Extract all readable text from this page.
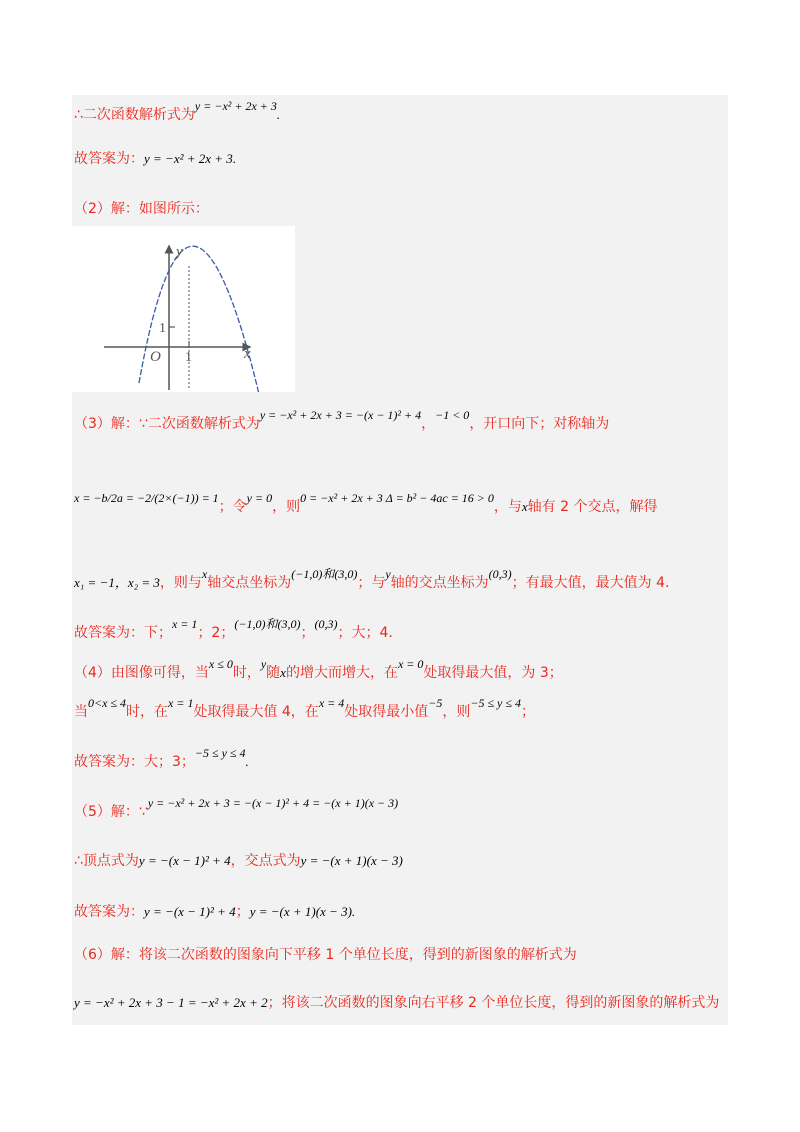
∴二次函数解析式为y = −x² + 2x + 3.
故答案为：y = −x² + 2x + 3.
（2）解：如图所示：
y
x
O 1
1
（3）解：∵二次函数解析式为y = −x² + 2x + 3 = −(x − 1)² + 4，−1 < 0，开口向下；对称轴为
x = −b/2a = −2/(2×(−1)) = 1；令y = 0，则0 = −x² + 2x + 3 Δ = b² − 4ac = 16 > 0，与x轴有 2 个交点，解得
x₁ = −1，x₂ = 3，则与x轴交点坐标为(−1,0)和(3,0)；与y轴的交点坐标为(0,3)；有最大值，最大值为 4.
故答案为：下；x = 1；2；(−1,0)和(3,0)；(0,3)；大；4.
（4）由图像可得，当x ≤ 0时，y随x的增大而增大，在x = 0处取得最大值，为 3；
当0<x ≤ 4时，在x = 1处取得最大值 4，在x = 4处取得最小值−5，则−5 ≤ y ≤ 4；
故答案为：大；3；−5 ≤ y ≤ 4.
（5）解：∵y = −x² + 2x + 3 = −(x − 1)² + 4 = −(x + 1)(x − 3)
∴顶点式为y = −(x − 1)² + 4，交点式为y = −(x + 1)(x − 3)
故答案为：y = −(x − 1)² + 4；y = −(x + 1)(x − 3).
（6）解：将该二次函数的图象向下平移 1 个单位长度，得到的新图象的解析式为
y = −x² + 2x + 3 − 1 = −x² + 2x + 2；将该二次函数的图象向右平移 2 个单位长度，得到的新图象的解析式为
